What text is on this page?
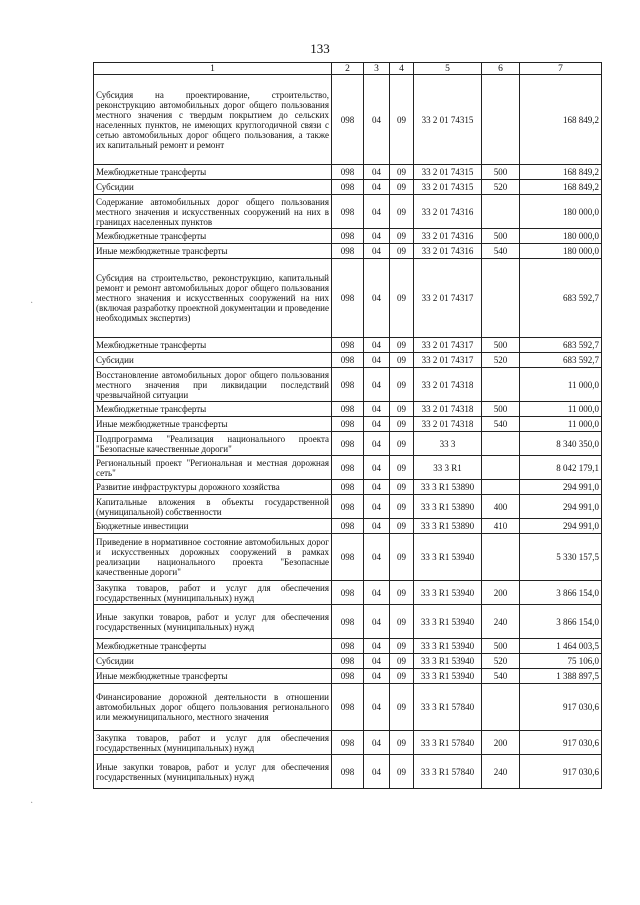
133
1	2	3	4	5	6	7
Субсидия на проектирование, строительство, реконструкцию автомобильных дорог общего пользования местного значения с твердым покрытием до сельских населенных пунктов, не имеющих круглогодичной связи с сетью автомобильных дорог общего пользования, а также их капитальный ремонт и ремонт	098	04	09	33 2 01 74315		168 849,2
Межбюджетные трансферты	098	04	09	33 2 01 74315	500	168 849,2
Субсидии	098	04	09	33 2 01 74315	520	168 849,2
Содержание автомобильных дорог общего пользования местного значения и искусственных сооружений на них в границах населенных пунктов	098	04	09	33 2 01 74316		180 000,0
Межбюджетные трансферты	098	04	09	33 2 01 74316	500	180 000,0
Иные межбюджетные трансферты	098	04	09	33 2 01 74316	540	180 000,0
Субсидия на строительство, реконструкцию, капитальный ремонт и ремонт автомобильных дорог общего пользования местного значения и искусственных сооружений на них (включая разработку проектной документации и проведение необходимых экспертиз)	098	04	09	33 2 01 74317		683 592,7
Межбюджетные трансферты	098	04	09	33 2 01 74317	500	683 592,7
Субсидии	098	04	09	33 2 01 74317	520	683 592,7
Восстановление автомобильных дорог общего пользования местного значения при ликвидации последствий чрезвычайной ситуации	098	04	09	33 2 01 74318		11 000,0
Межбюджетные трансферты	098	04	09	33 2 01 74318	500	11 000,0
Иные межбюджетные трансферты	098	04	09	33 2 01 74318	540	11 000,0
Подпрограмма "Реализация национального проекта "Безопасные качественные дороги"	098	04	09	33 3		8 340 350,0
Региональный проект "Региональная и местная дорожная сеть"	098	04	09	33 3 R1		8 042 179,1
Развитие инфраструктуры дорожного хозяйства	098	04	09	33 3 R1 53890		294 991,0
Капитальные вложения в объекты государственной (муниципальной) собственности	098	04	09	33 3 R1 53890	400	294 991,0
Бюджетные инвестиции	098	04	09	33 3 R1 53890	410	294 991,0
Приведение в нормативное состояние автомобильных дорог и искусственных дорожных сооружений в рамках реализации национального проекта "Безопасные качественные дороги"	098	04	09	33 3 R1 53940		5 330 157,5
Закупка товаров, работ и услуг для обеспечения государственных (муниципальных) нужд	098	04	09	33 3 R1 53940	200	3 866 154,0
Иные закупки товаров, работ и услуг для обеспечения государственных (муниципальных) нужд	098	04	09	33 3 R1 53940	240	3 866 154,0
Межбюджетные трансферты	098	04	09	33 3 R1 53940	500	1 464 003,5
Субсидии	098	04	09	33 3 R1 53940	520	75 106,0
Иные межбюджетные трансферты	098	04	09	33 3 R1 53940	540	1 388 897,5
Финансирование дорожной деятельности в отношении автомобильных дорог общего пользования регионального или межмуниципального, местного значения	098	04	09	33 3 R1 57840		917 030,6
Закупка товаров, работ и услуг для обеспечения государственных (муниципальных) нужд	098	04	09	33 3 R1 57840	200	917 030,6
Иные закупки товаров, работ и услуг для обеспечения государственных (муниципальных) нужд	098	04	09	33 3 R1 57840	240	917 030,6
·
·
